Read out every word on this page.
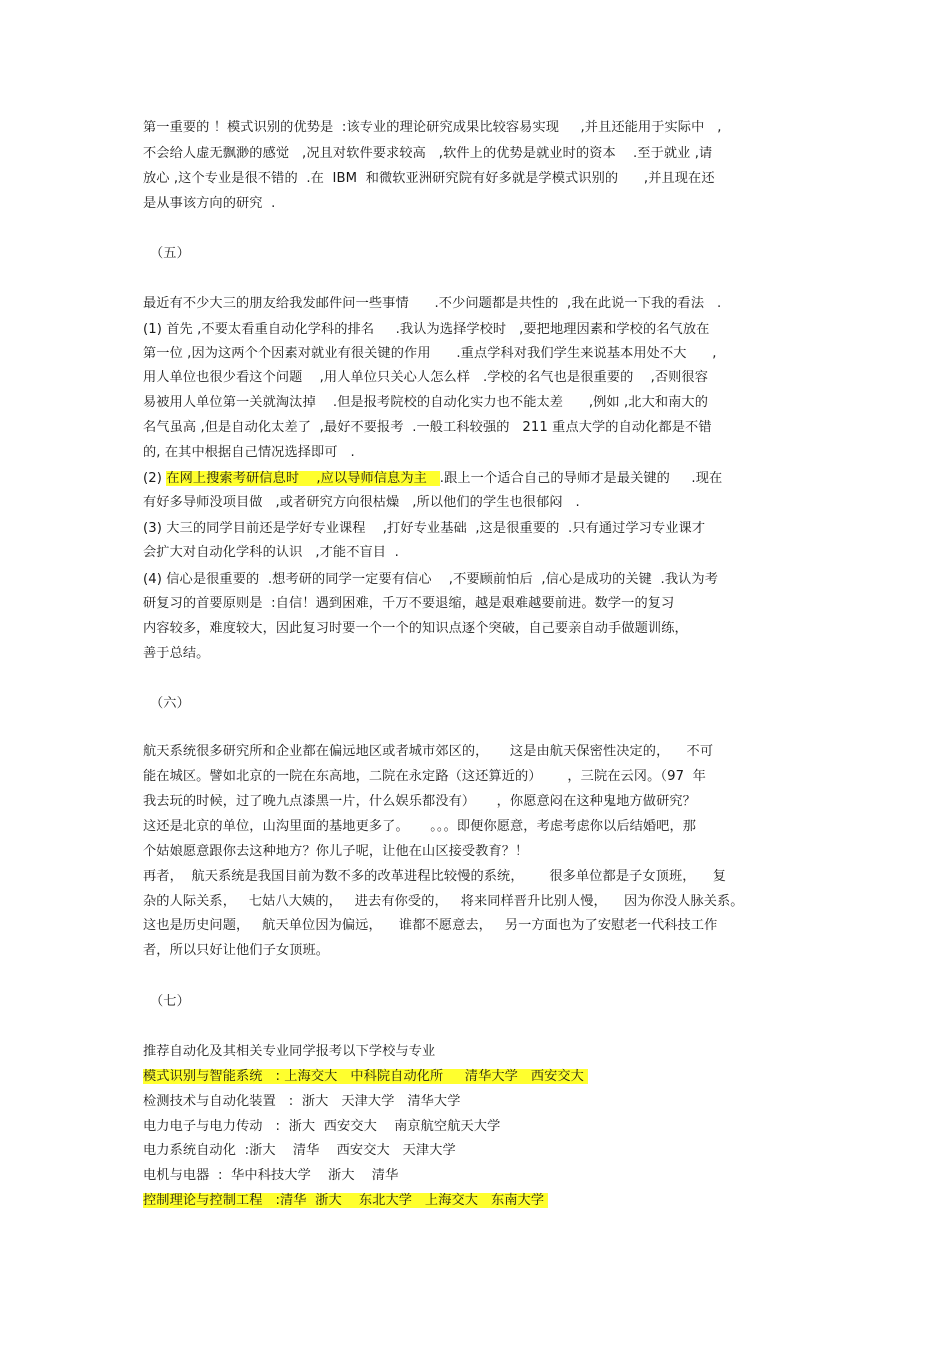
第一重要的 ！模式识别的优势是  :该专业的理论研究成果比较容易实现     ,并且还能用于实际中   ,
不会给人虚无飘渺的感觉   ,况且对软件要求较高   ,软件上的优势是就业时的资本    .至于就业 ,请
放心 ,这个专业是很不错的  .在  IBM  和微软亚洲研究院有好多就是学模式识别的      ,并且现在还
是从事该方向的研究  .
（五）
最近有不少大三的朋友给我发邮件问一些事情      .不少问题都是共性的  ,我在此说一下我的看法   .
(1) 首先 ,不要太看重自动化学科的排名     .我认为选择学校时   ,要把地理因素和学校的名气放在
第一位 ,因为这两个个因素对就业有很关键的作用      .重点学科对我们学生来说基本用处不大      ,
用人单位也很少看这个问题    ,用人单位只关心人怎么样   .学校的名气也是很重要的    ,否则很容
易被用人单位第一关就淘汰掉    .但是报考院校的自动化实力也不能太差      ,例如 ,北大和南大的
名气虽高 ,但是自动化太差了  ,最好不要报考  .一般工科较强的   211 重点大学的自动化都是不错
的, 在其中根据自己情况选择即可   .
(2) 在网上搜索考研信息时    ,应以导师信息为主   .跟上一个适合自己的导师才是最关键的     .现在
有好多导师没项目做   ,或者研究方向很枯燥   ,所以他们的学生也很郁闷   .
(3) 大三的同学目前还是学好专业课程    ,打好专业基础  ,这是很重要的  .只有通过学习专业课才
会扩大对自动化学科的认识   ,才能不盲目  .
(4) 信心是很重要的  .想考研的同学一定要有信心    ,不要顾前怕后  ,信心是成功的关键  .我认为考
研复习的首要原则是  :自信！遇到困难，千万不要退缩，越是艰难越要前进。数学一的复习
内容较多，难度较大，因此复习时要一个一个的知识点逐个突破，自己要亲自动手做题训练，
善于总结。
（六）
航天系统很多研究所和企业都在偏远地区或者城市郊区的，     这是由航天保密性决定的，    不可
能在城区。譬如北京的一院在东高地，二院在永定路（这还算近的）      ，三院在云冈。（97  年
我去玩的时候，过了晚九点漆黑一片，什么娱乐都没有）     ，你愿意闷在这种鬼地方做研究？
这还是北京的单位，山沟里面的基地更多了。     。。。即便你愿意，考虑考虑你以后结婚吧，那
个姑娘愿意跟你去这种地方？你儿子呢，让他在山区接受教育？！
再者，  航天系统是我国目前为数不多的改革进程比较慢的系统，      很多单位都是子女顶班，    复
杂的人际关系，   七姑八大姨的，   进去有你受的，   将来同样晋升比别人慢，    因为你没人脉关系。
这也是历史问题，   航天单位因为偏远，    谁都不愿意去，   另一方面也为了安慰老一代科技工作
者，所以只好让他们子女顶班。
（七）
推荐自动化及其相关专业同学报考以下学校与专业
模式识别与智能系统   : 上海交大   中科院自动化所     清华大学   西安交大
检测技术与自动化装置   :  浙大   天津大学   清华大学
电力电子与电力传动   :  浙大  西安交大    南京航空航天大学
电力系统自动化  :浙大    清华    西安交大   天津大学
电机与电器  :  华中科技大学    浙大    清华
控制理论与控制工程   :清华  浙大    东北大学   上海交大   东南大学
